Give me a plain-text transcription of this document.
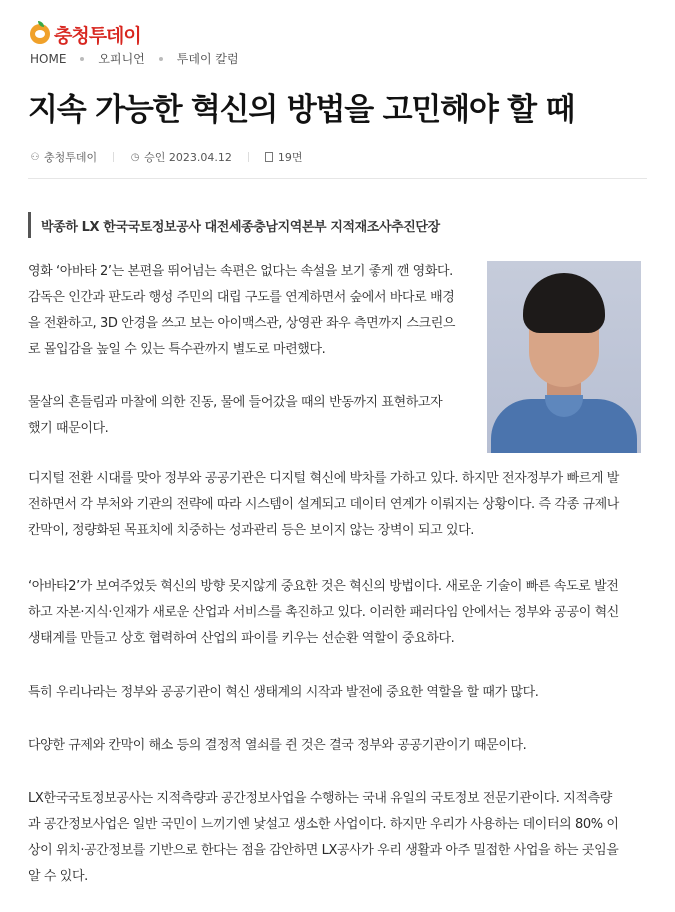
충청투데이
HOME	오피니언	투데이 칼럼
지속 가능한 혁신의 방법을 고민해야 할 때
⚇ 충청투데이	◷ 승인 2023.04.12	19면
박종하 LX 한국국토정보공사 대전세종충남지역본부 지적재조사추진단장
영화 ‘아바타 2’는 본편을 뛰어넘는 속편은 없다는 속설을 보기 좋게 깬 영화다.
감독은 인간과 판도라 행성 주민의 대립 구도를 연계하면서 숲에서 바다로 배경
을 전환하고, 3D 안경을 쓰고 보는 아이맥스관, 상영관 좌우 측면까지 스크린으
로 몰입감을 높일 수 있는 특수관까지 별도로 마련했다.
물살의 흔들림과 마찰에 의한 진동, 물에 들어갔을 때의 반동까지 표현하고자
했기 때문이다.
디지털 전환 시대를 맞아 정부와 공공기관은 디지털 혁신에 박차를 가하고 있다. 하지만 전자정부가 빠르게 발
전하면서 각 부처와 기관의 전략에 따라 시스템이 설계되고 데이터 연계가 이뤄지는 상황이다. 즉 각종 규제나
칸막이, 정량화된 목표치에 치중하는 성과관리 등은 보이지 않는 장벽이 되고 있다.
‘아바타2’가 보여주었듯 혁신의 방향 못지않게 중요한 것은 혁신의 방법이다. 새로운 기술이 빠른 속도로 발전
하고 자본·지식·인재가 새로운 산업과 서비스를 촉진하고 있다. 이러한 패러다임 안에서는 정부와 공공이 혁신
생태계를 만들고 상호 협력하여 산업의 파이를 키우는 선순환 역할이 중요하다.
특히 우리나라는 정부와 공공기관이 혁신 생태계의 시작과 발전에 중요한 역할을 할 때가 많다.
다양한 규제와 칸막이 해소 등의 결정적 열쇠를 쥔 것은 결국 정부와 공공기관이기 때문이다.
LX한국국토정보공사는 지적측량과 공간정보사업을 수행하는 국내 유일의 국토정보 전문기관이다. 지적측량
과 공간정보사업은 일반 국민이 느끼기엔 낯설고 생소한 사업이다. 하지만 우리가 사용하는 데이터의 80% 이
상이 위치·공간정보를 기반으로 한다는 점을 감안하면 LX공사가 우리 생활과 아주 밀접한 사업을 하는 곳임을
알 수 있다.
